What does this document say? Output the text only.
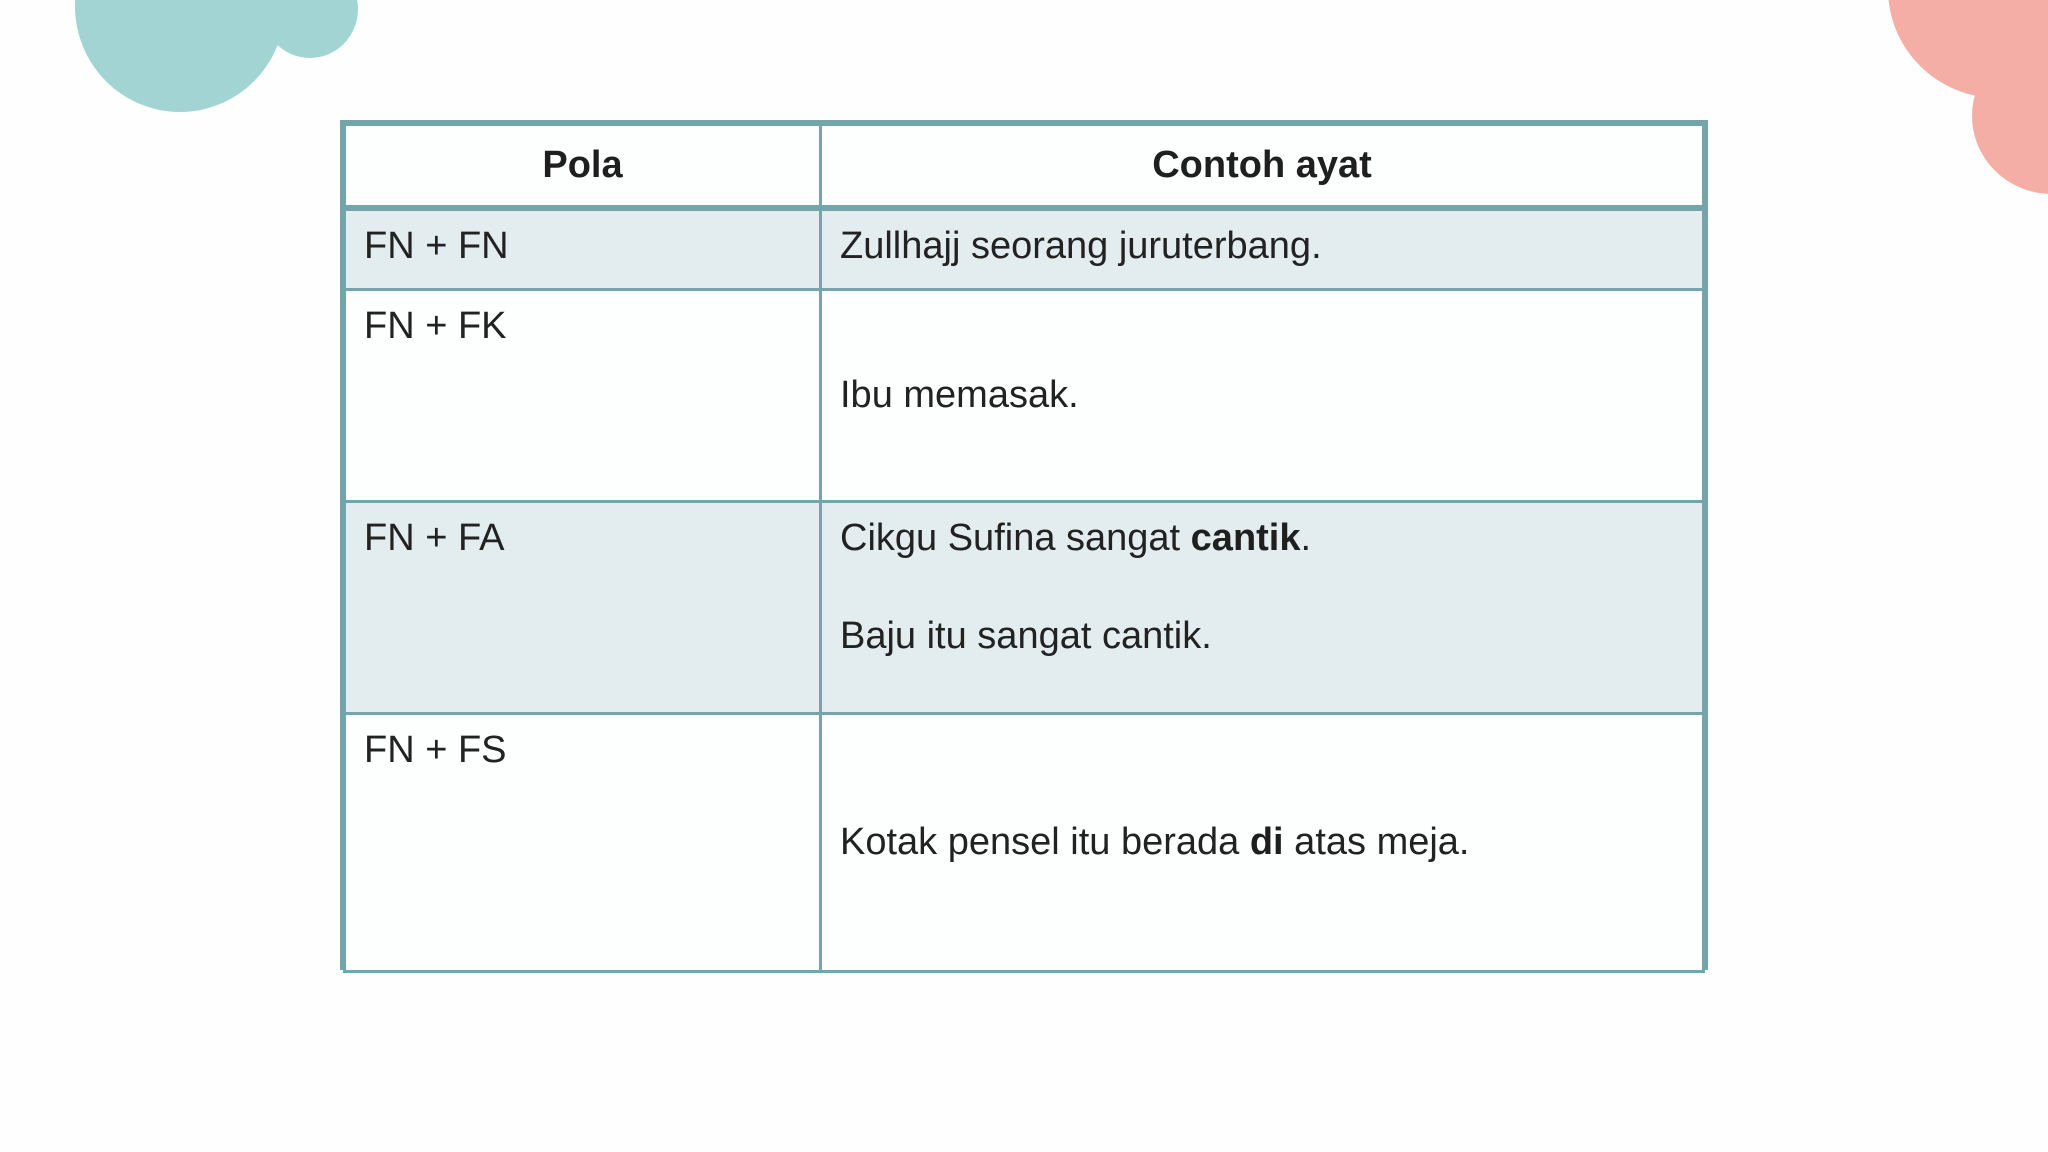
Pola	Contoh ayat
FN + FN	Zullhajj seorang juruterbang.

FN + FK	Ibu memasak.

FN + FA	Cikgu Sufina sangat cantik.
Baju itu sangat cantik.

FN + FS	Kotak pensel itu berada di atas meja.
